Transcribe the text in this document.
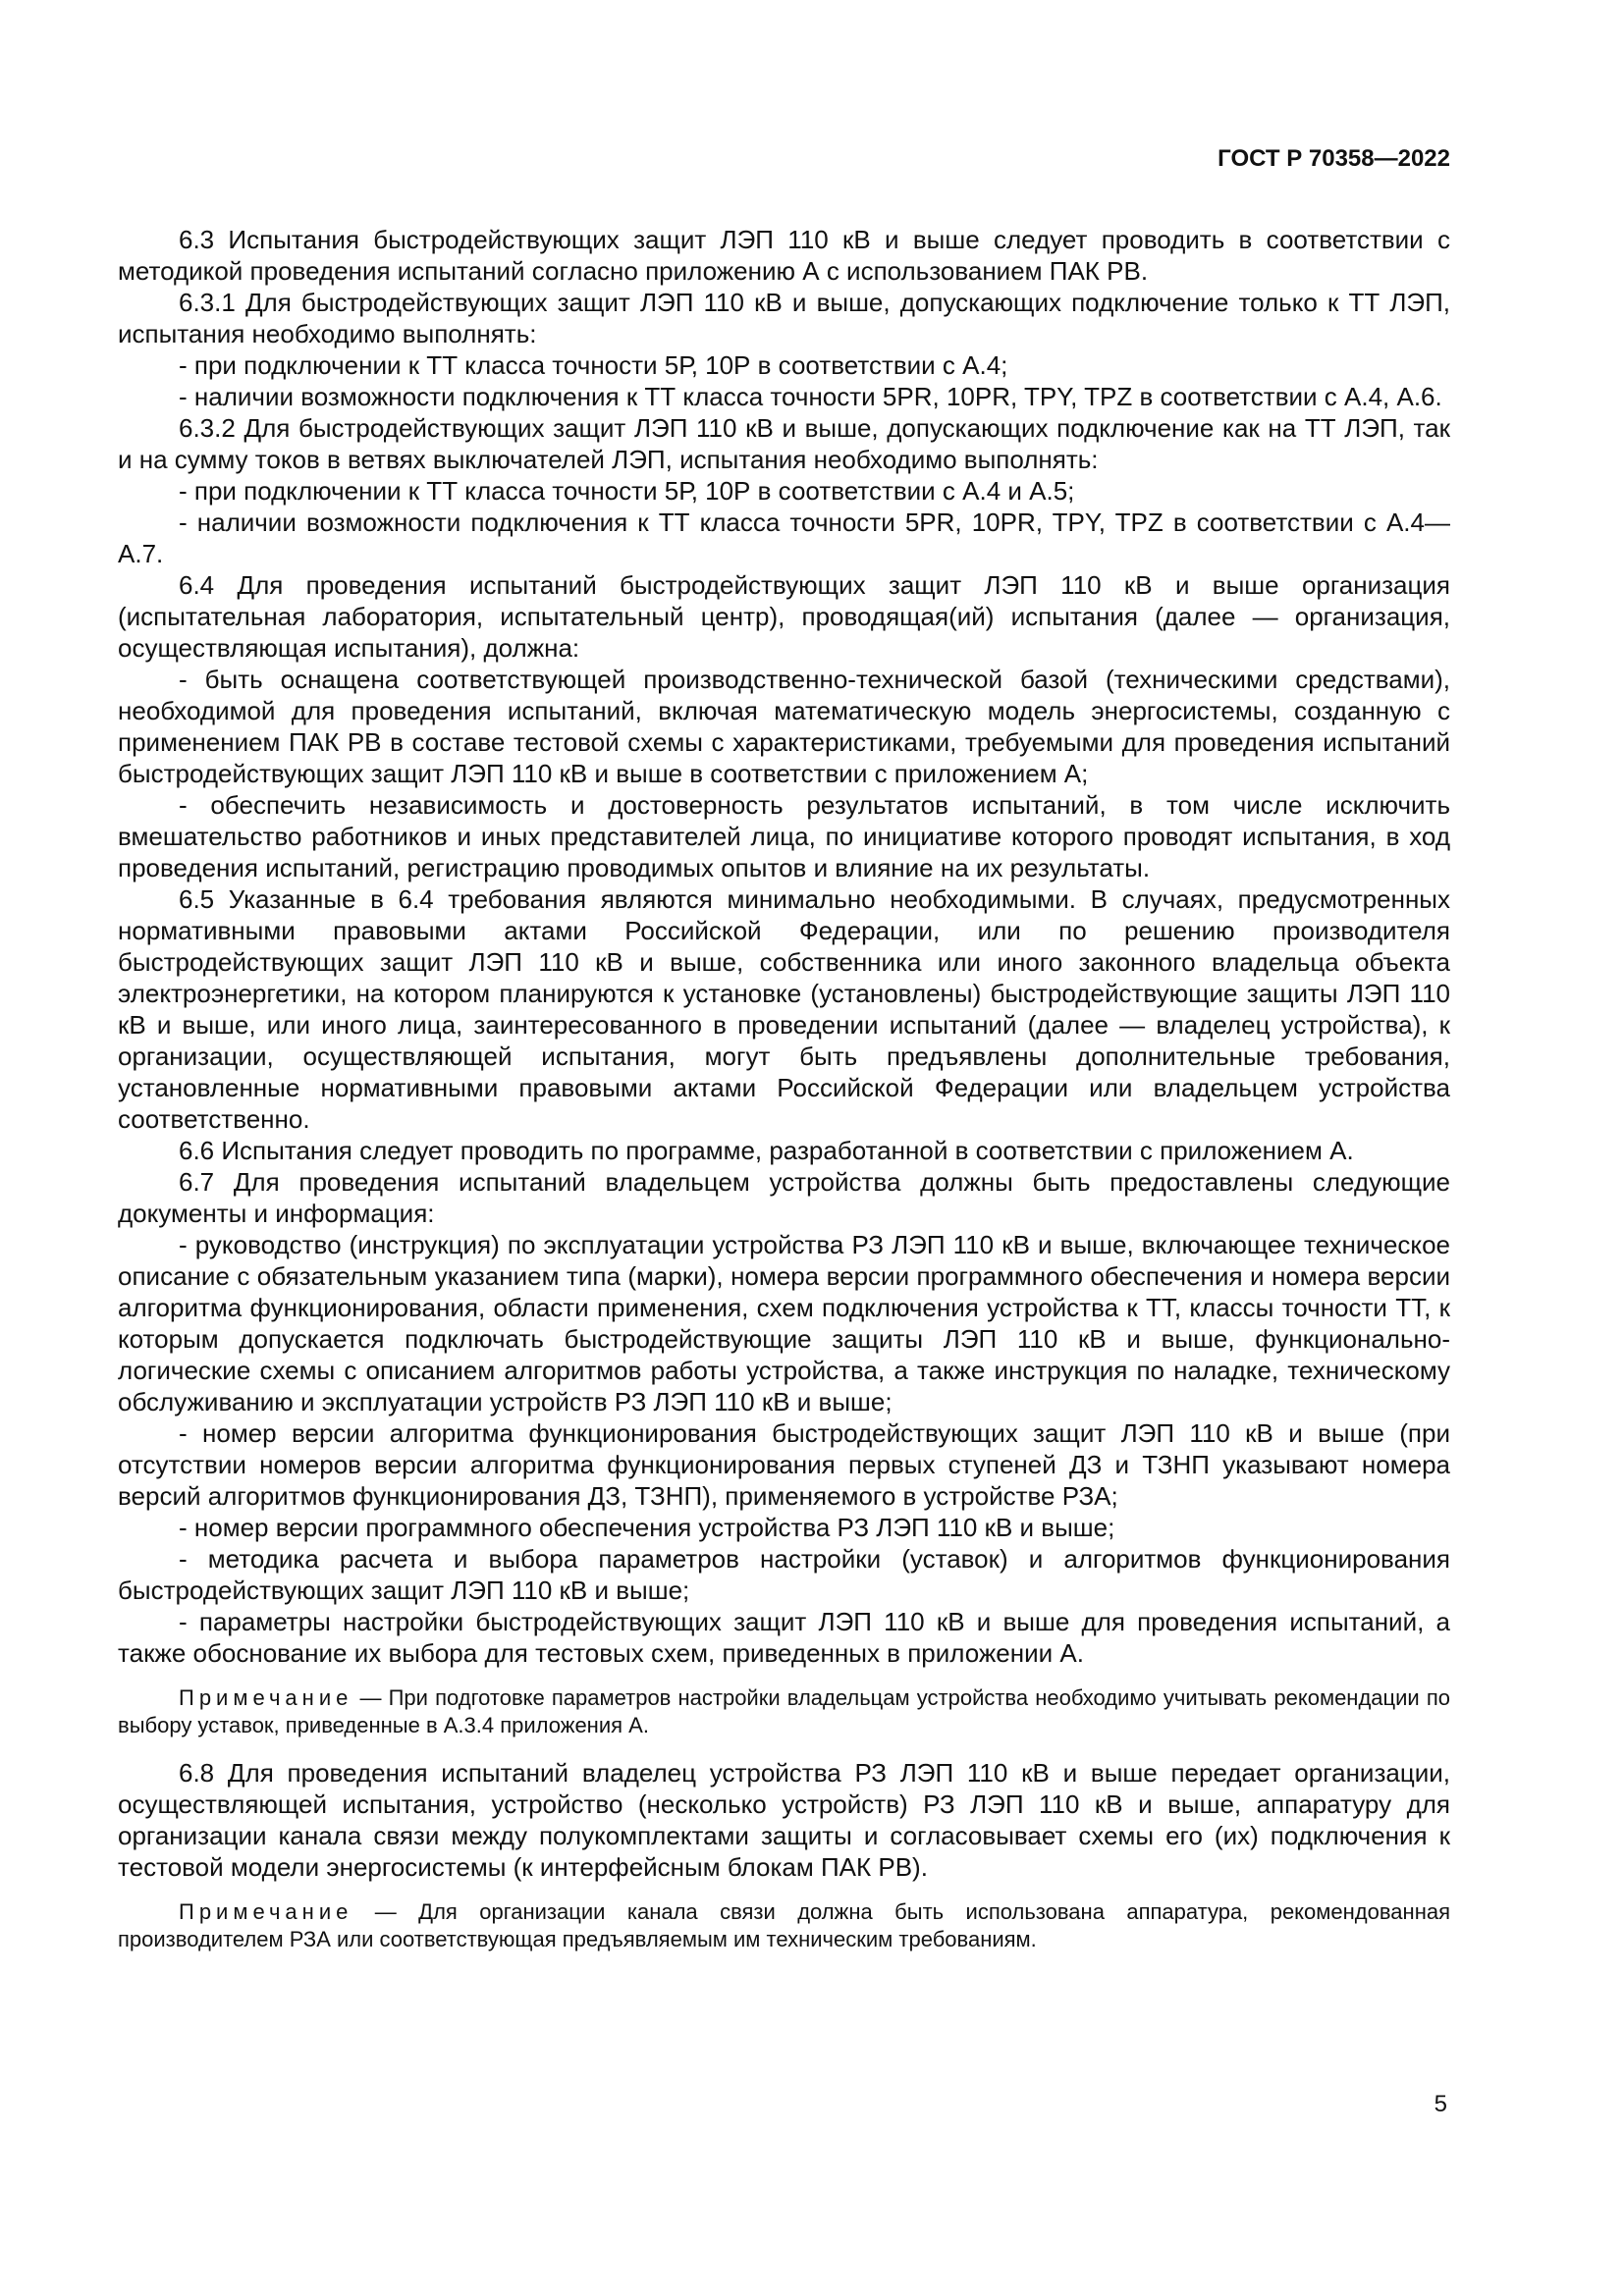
ГОСТ Р 70358—2022

6.3 Испытания быстродействующих защит ЛЭП 110 кВ и выше следует проводить в соответствии с методикой проведения испытаний согласно приложению А с использованием ПАК РВ.

6.3.1 Для быстродействующих защит ЛЭП 110 кВ и выше, допускающих подключение только к ТТ ЛЭП, испытания необходимо выполнять:

- при подключении к ТТ класса точности 5Р, 10Р в соответствии с А.4;

- наличии возможности подключения к ТТ класса точности 5PR, 10PR, TPY, TPZ в соответствии с А.4, А.6.

6.3.2 Для быстродействующих защит ЛЭП 110 кВ и выше, допускающих подключение как на ТТ ЛЭП, так и на сумму токов в ветвях выключателей ЛЭП, испытания необходимо выполнять:

- при подключении к ТТ класса точности 5Р, 10Р в соответствии с А.4 и А.5;

- наличии возможности подключения к ТТ класса точности 5PR, 10PR, TPY, TPZ в соответствии с А.4—А.7.

6.4 Для проведения испытаний быстродействующих защит ЛЭП 110 кВ и выше организация (испытательная лаборатория, испытательный центр), проводящая(ий) испытания (далее — организация, осуществляющая испытания), должна:

- быть оснащена соответствующей производственно-технической базой (техническими средствами), необходимой для проведения испытаний, включая математическую модель энергосистемы, созданную с применением ПАК РВ в составе тестовой схемы с характеристиками, требуемыми для проведения испытаний быстродействующих защит ЛЭП 110 кВ и выше в соответствии с приложением А;

- обеспечить независимость и достоверность результатов испытаний, в том числе исключить вмешательство работников и иных представителей лица, по инициативе которого проводят испытания, в ход проведения испытаний, регистрацию проводимых опытов и влияние на их результаты.

6.5 Указанные в 6.4 требования являются минимально необходимыми. В случаях, предусмотренных нормативными правовыми актами Российской Федерации, или по решению производителя быстродействующих защит ЛЭП 110 кВ и выше, собственника или иного законного владельца объекта электроэнергетики, на котором планируются к установке (установлены) быстродействующие защиты ЛЭП 110 кВ и выше, или иного лица, заинтересованного в проведении испытаний (далее — владелец устройства), к организации, осуществляющей испытания, могут быть предъявлены дополнительные требования, установленные нормативными правовыми актами Российской Федерации или владельцем устройства соответственно.

6.6 Испытания следует проводить по программе, разработанной в соответствии с приложением А.

6.7 Для проведения испытаний владельцем устройства должны быть предоставлены следующие документы и информация:

- руководство (инструкция) по эксплуатации устройства РЗ ЛЭП 110 кВ и выше, включающее техническое описание с обязательным указанием типа (марки), номера версии программного обеспечения и номера версии алгоритма функционирования, области применения, схем подключения устройства к ТТ, классы точности ТТ, к которым допускается подключать быстродействующие защиты ЛЭП 110 кВ и выше, функционально-логические схемы с описанием алгоритмов работы устройства, а также инструкция по наладке, техническому обслуживанию и эксплуатации устройств РЗ ЛЭП 110 кВ и выше;

- номер версии алгоритма функционирования быстродействующих защит ЛЭП 110 кВ и выше (при отсутствии номеров версии алгоритма функционирования первых ступеней ДЗ и ТЗНП указывают номера версий алгоритмов функционирования ДЗ, ТЗНП), применяемого в устройстве РЗА;

- номер версии программного обеспечения устройства РЗ ЛЭП 110 кВ и выше;

- методика расчета и выбора параметров настройки (уставок) и алгоритмов функционирования быстродействующих защит ЛЭП 110 кВ и выше;

- параметры настройки быстродействующих защит ЛЭП 110 кВ и выше для проведения испытаний, а также обоснование их выбора для тестовых схем, приведенных в приложении А.

Примечание — При подготовке параметров настройки владельцам устройства необходимо учитывать рекомендации по выбору уставок, приведенные в А.3.4 приложения А.

6.8 Для проведения испытаний владелец устройства РЗ ЛЭП 110 кВ и выше передает организации, осуществляющей испытания, устройство (несколько устройств) РЗ ЛЭП 110 кВ и выше, аппаратуру для организации канала связи между полукомплектами защиты и согласовывает схемы его (их) подключения к тестовой модели энергосистемы (к интерфейсным блокам ПАК РВ).

Примечание — Для организации канала связи должна быть использована аппаратура, рекомендованная производителем РЗА или соответствующая предъявляемым им техническим требованиям.

5
